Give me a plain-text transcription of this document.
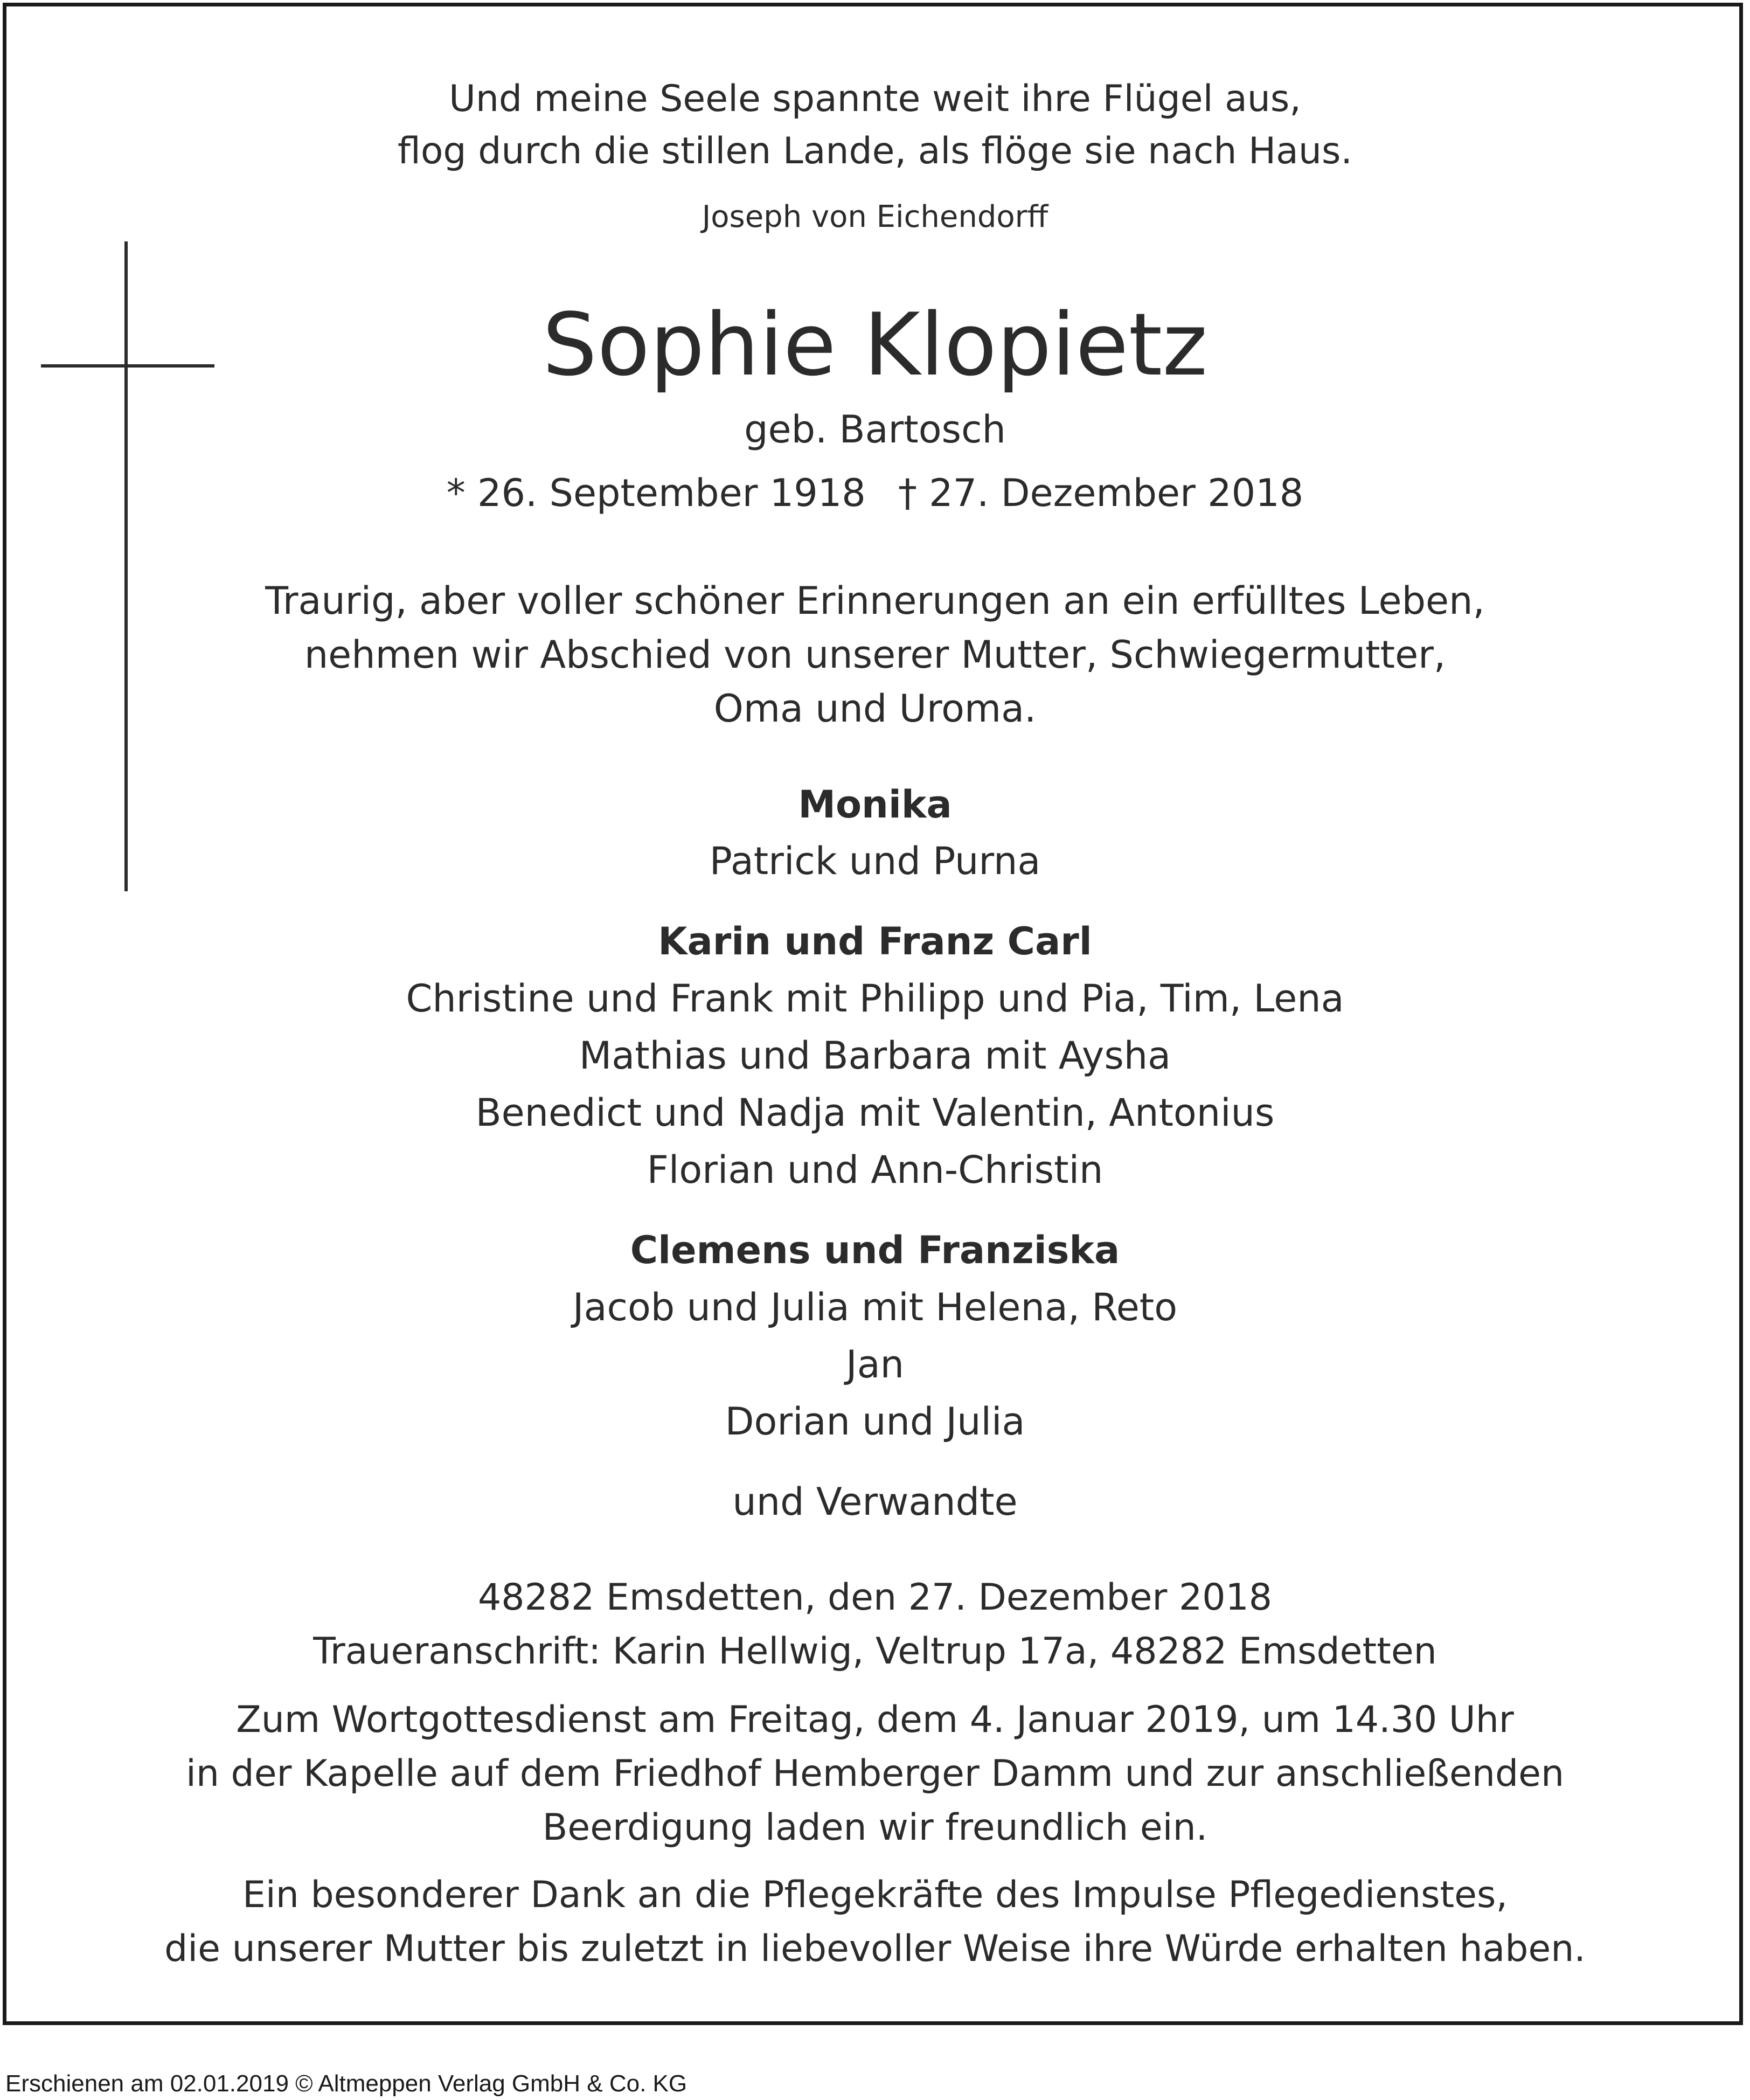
Und meine Seele spannte weit ihre Flügel aus,
flog durch die stillen Lande, als flöge sie nach Haus.
Joseph von Eichendorff
Sophie Klopietz
geb. Bartosch
* 26. September 1918 † 27. Dezember 2018
Traurig, aber voller schöner Erinnerungen an ein erfülltes Leben,
nehmen wir Abschied von unserer Mutter, Schwiegermutter,
Oma und Uroma.
Monika
Patrick und Purna
Karin und Franz Carl
Christine und Frank mit Philipp und Pia, Tim, Lena
Mathias und Barbara mit Aysha
Benedict und Nadja mit Valentin, Antonius
Florian und Ann-Christin
Clemens und Franziska
Jacob und Julia mit Helena, Reto
Jan
Dorian und Julia
und Verwandte
48282 Emsdetten, den 27. Dezember 2018
Traueranschrift: Karin Hellwig, Veltrup 17a, 48282 Emsdetten
Zum Wortgottesdienst am Freitag, dem 4. Januar 2019, um 14.30 Uhr
in der Kapelle auf dem Friedhof Hemberger Damm und zur anschließenden
Beerdigung laden wir freundlich ein.
Ein besonderer Dank an die Pflegekräfte des Impulse Pflegedienstes,
die unserer Mutter bis zuletzt in liebevoller Weise ihre Würde erhalten haben.
Erschienen am 02.01.2019 © Altmeppen Verlag GmbH & Co. KG
